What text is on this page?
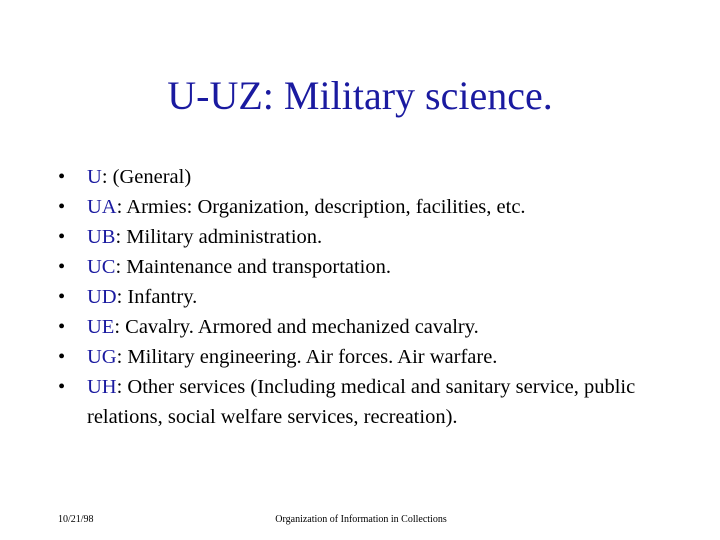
U-UZ: Military science.
•	U: (General)
•	UA: Armies: Organization, description, facilities, etc.
•	UB: Military administration.
•	UC: Maintenance and transportation.
•	UD: Infantry.
•	UE: Cavalry. Armored and mechanized cavalry.
•	UG: Military engineering. Air forces. Air warfare.
•	UH: Other services (Including medical and sanitary service, public relations, social welfare services, recreation).
10/21/98	Organization of Information in Collections
